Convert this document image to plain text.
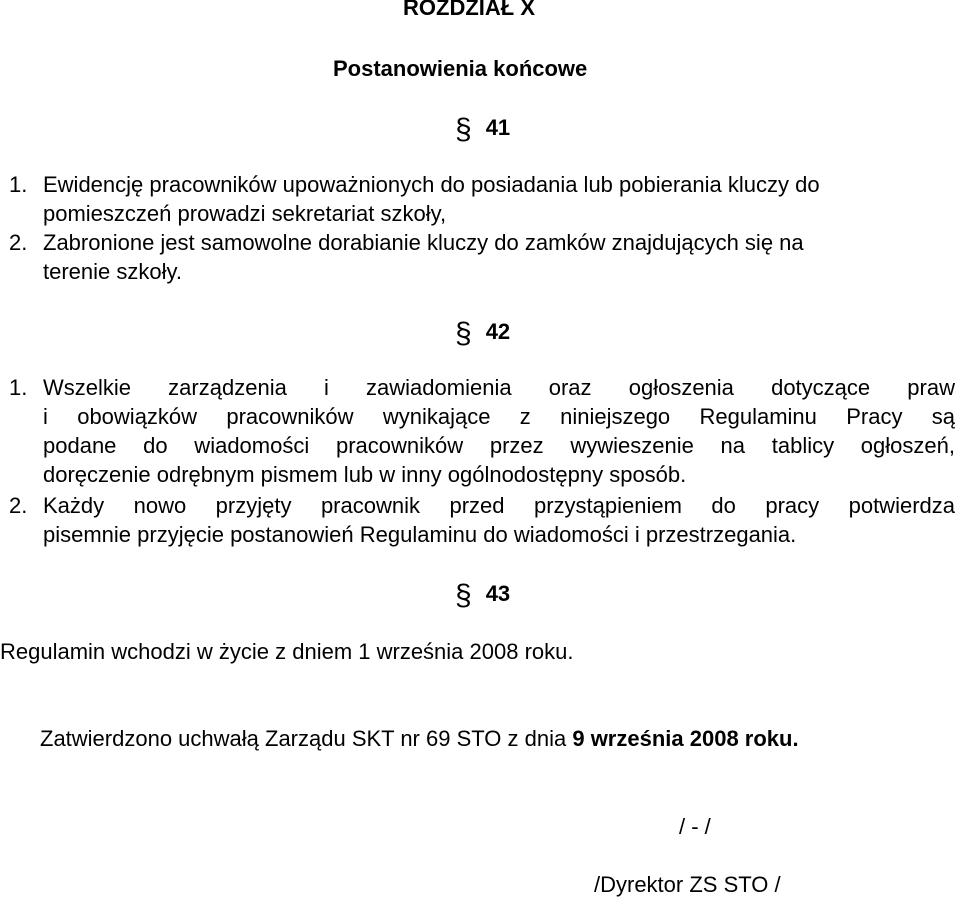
ROZDZIAŁ X

Postanowienia końcowe

§ 41

1. Ewidencję pracowników upoważnionych do posiadania lub pobierania kluczy do

pomieszczeń prowadzi sekretariat szkoły,

2. Zabronione jest samowolne dorabianie kluczy do zamków znajdujących się na

terenie szkoły.

§ 42

1. Wszelkie zarządzenia i zawiadomienia oraz ogłoszenia dotyczące praw

i obowiązków pracowników wynikające z niniejszego Regulaminu Pracy są

podane do wiadomości pracowników przez wywieszenie na tablicy ogłoszeń,

doręczenie odrębnym pismem lub w inny ogólnodostępny sposób.

2. Każdy nowo przyjęty pracownik przed przystąpieniem do pracy potwierdza

pisemnie przyjęcie postanowień Regulaminu do wiadomości i przestrzegania.

§ 43

Regulamin wchodzi w życie z dniem 1 września 2008 roku.

Zatwierdzono uchwałą Zarządu SKT nr 69 STO z dnia 9 września 2008 roku.

/ - /

/Dyrektor ZS STO /
